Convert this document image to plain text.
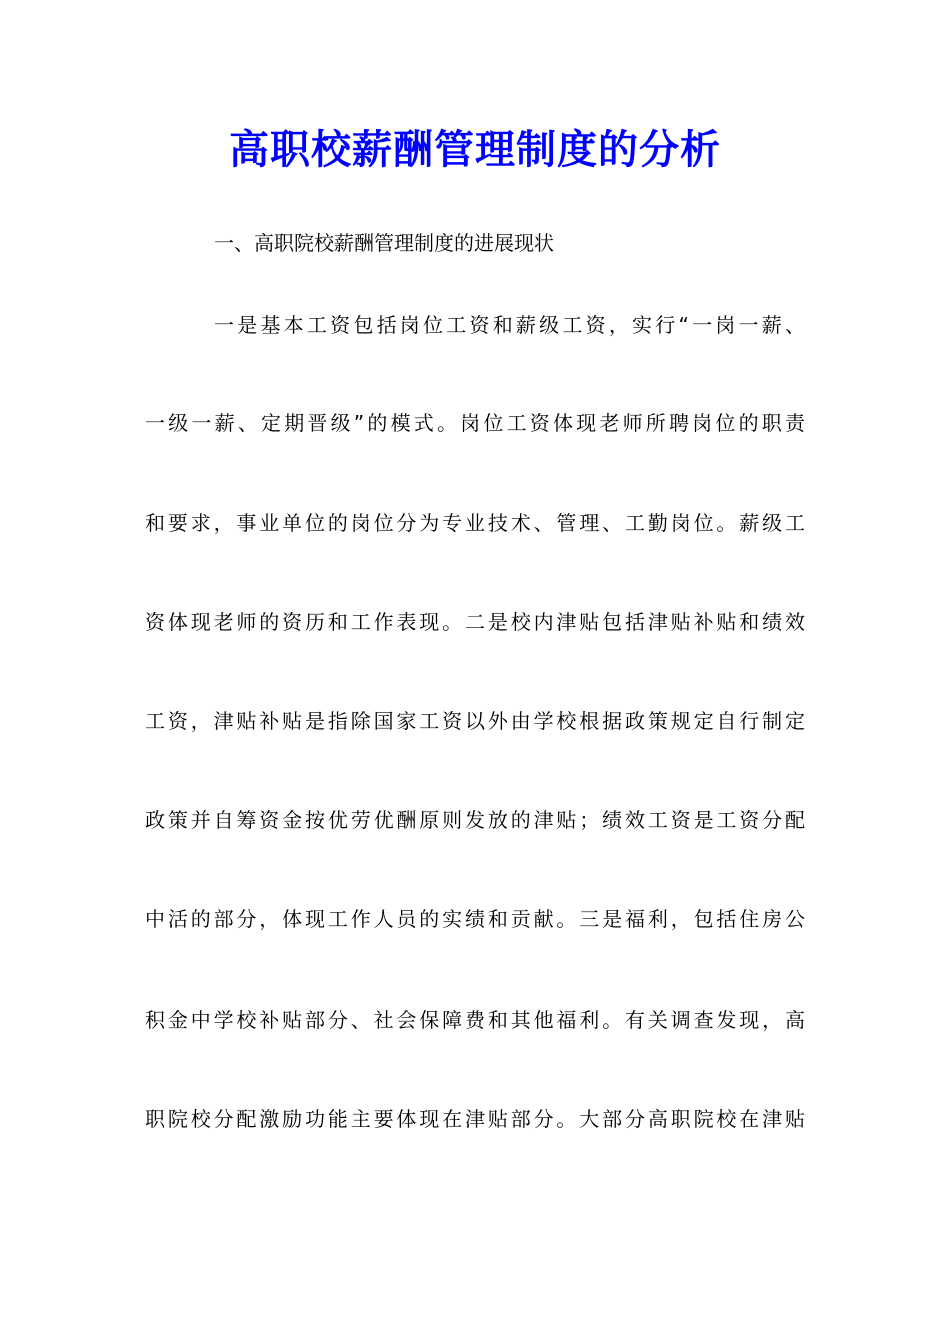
高职校薪酬管理制度的分析
一、高职院校薪酬管理制度的进展现状
一是基本工资包括岗位工资和薪级工资，实行“一岗一薪、
一级一薪、定期晋级”的模式。岗位工资体现老师所聘岗位的职责
和要求，事业单位的岗位分为专业技术、管理、工勤岗位。薪级工
资体现老师的资历和工作表现。二是校内津贴包括津贴补贴和绩效
工资，津贴补贴是指除国家工资以外由学校根据政策规定自行制定
政策并自筹资金按优劳优酬原则发放的津贴；绩效工资是工资分配
中活的部分，体现工作人员的实绩和贡献。三是福利，包括住房公
积金中学校补贴部分、社会保障费和其他福利。有关调查发现，高
职院校分配激励功能主要体现在津贴部分。大部分高职院校在津贴
